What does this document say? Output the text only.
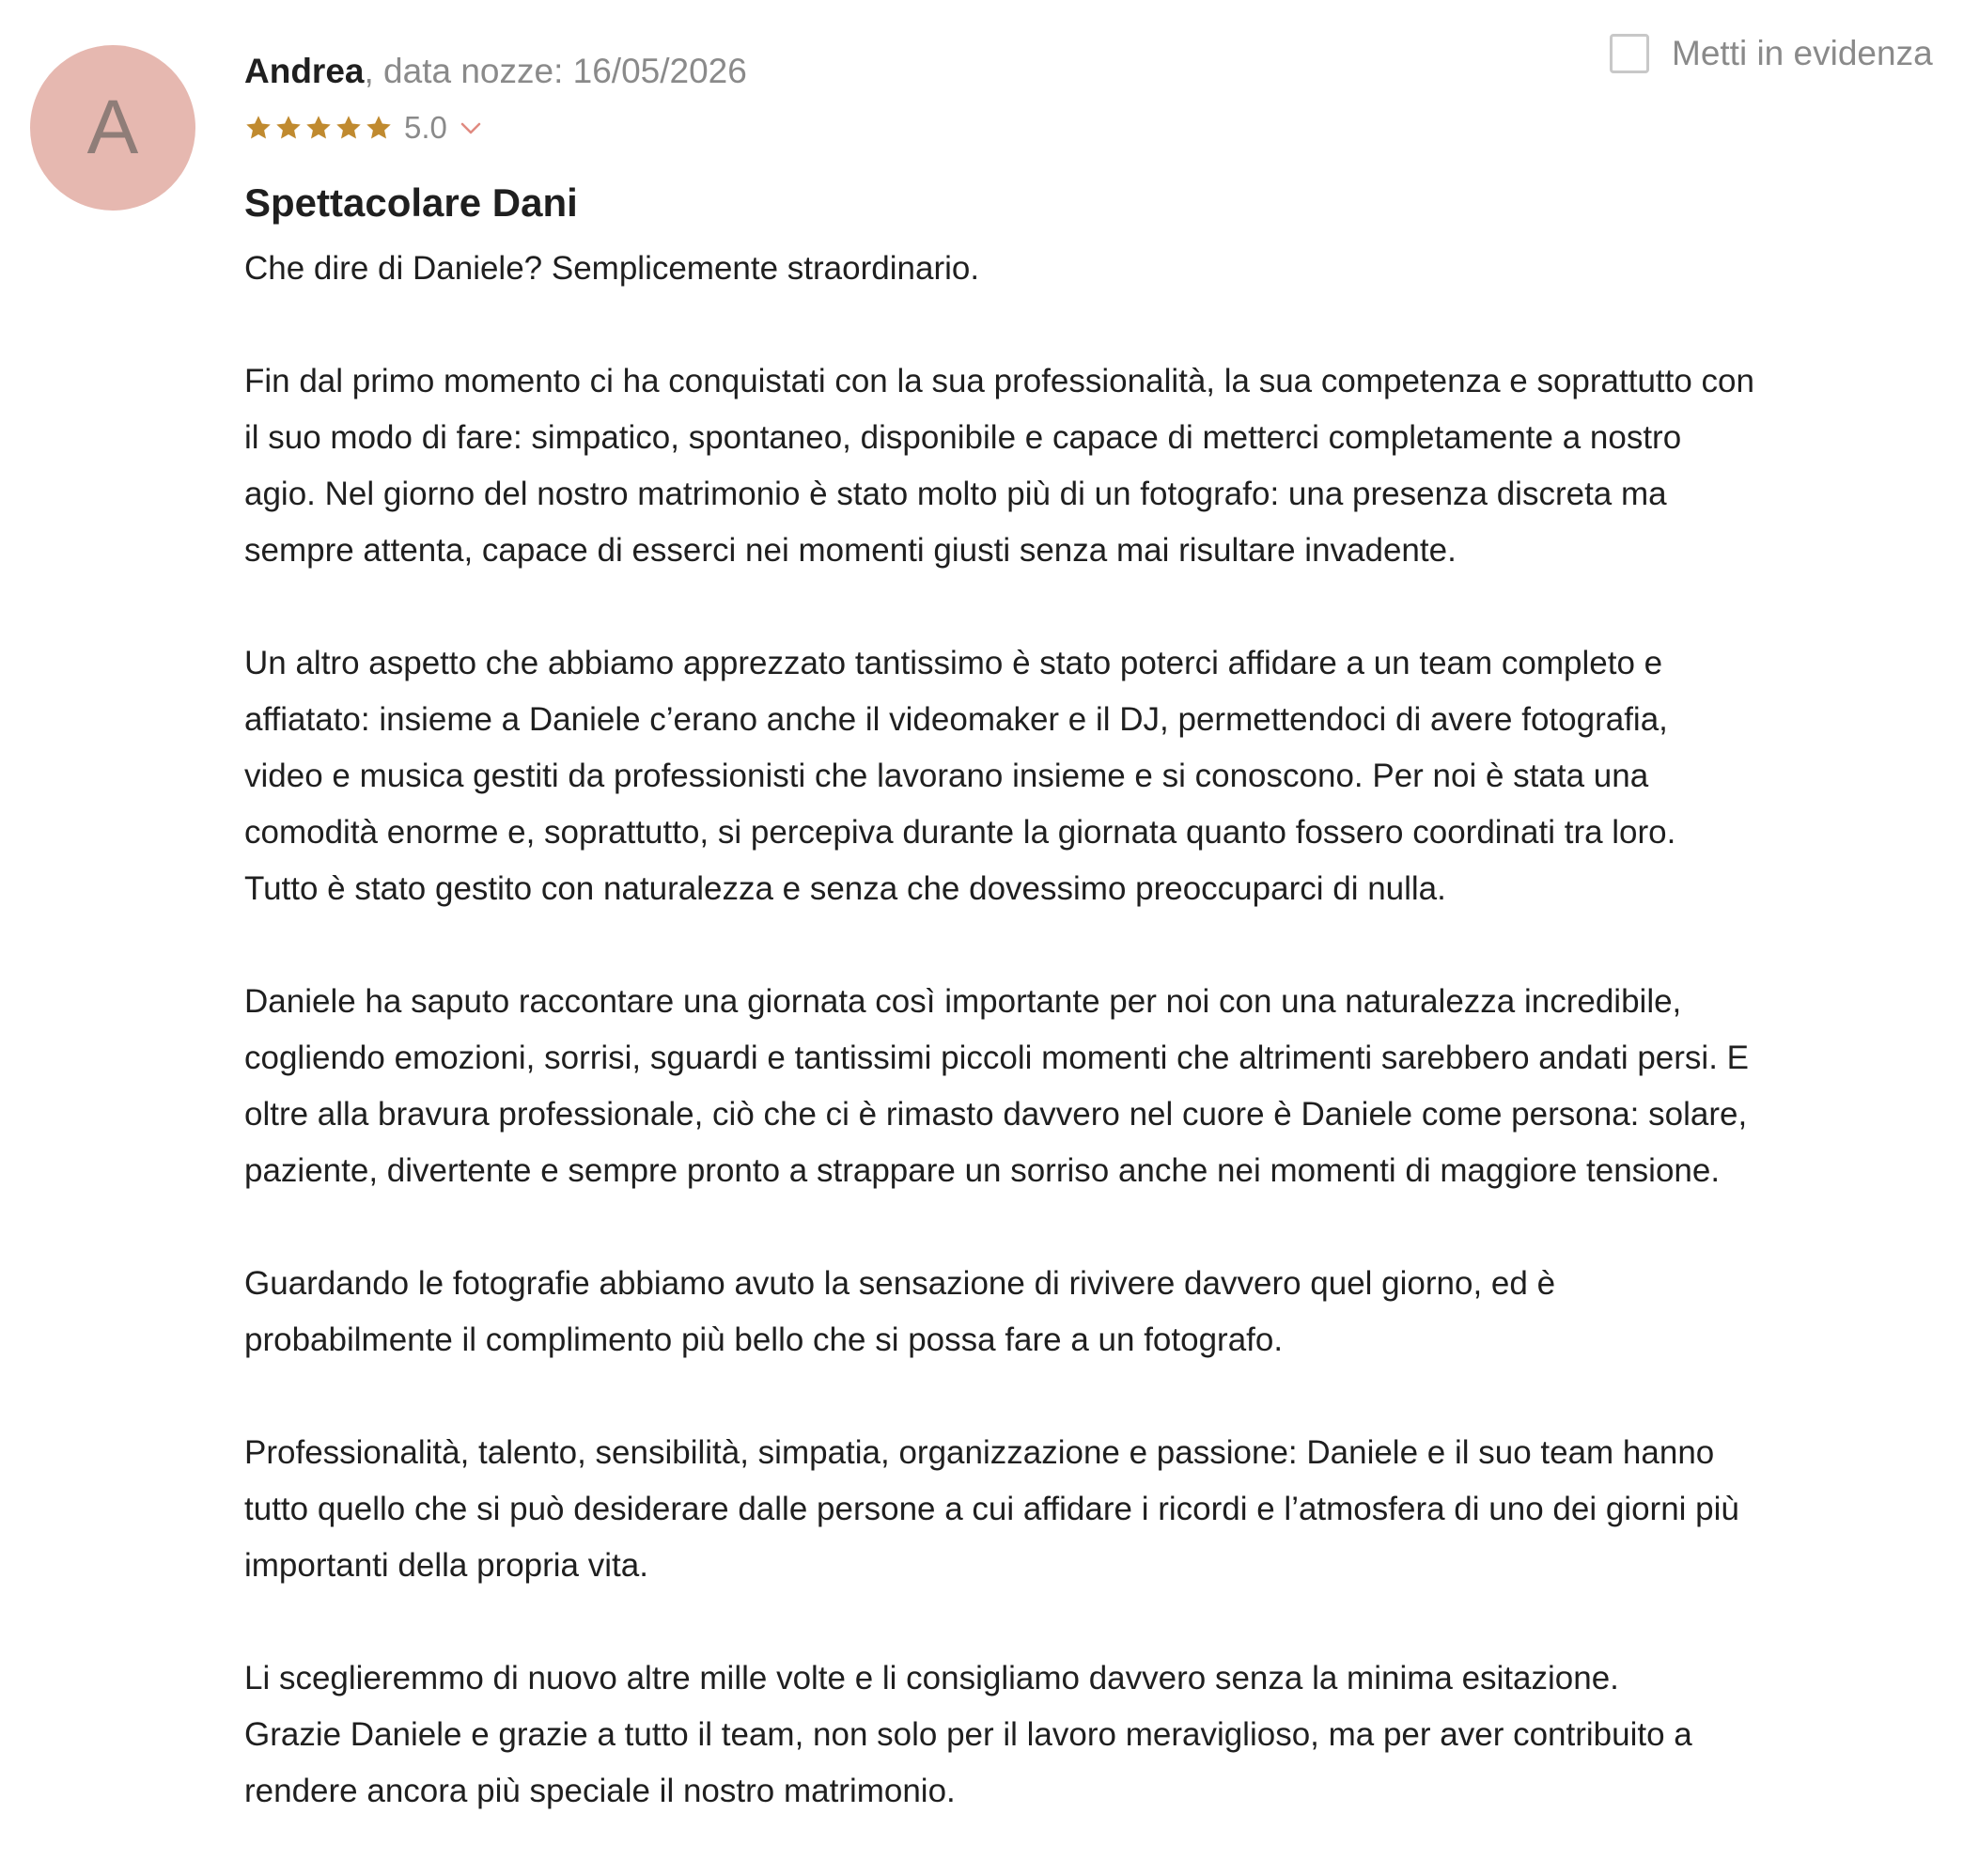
A
Metti in evidenza
Andrea, data nozze: 16/05/2026
5.0
Spettacolare Dani

Che dire di Daniele? Semplicemente straordinario.

Fin dal primo momento ci ha conquistati con la sua professionalità, la sua competenza e soprattutto con
il suo modo di fare: simpatico, spontaneo, disponibile e capace di metterci completamente a nostro
agio. Nel giorno del nostro matrimonio è stato molto più di un fotografo: una presenza discreta ma
sempre attenta, capace di esserci nei momenti giusti senza mai risultare invadente.

Un altro aspetto che abbiamo apprezzato tantissimo è stato poterci affidare a un team completo e
affiatato: insieme a Daniele c’erano anche il videomaker e il DJ, permettendoci di avere fotografia,
video e musica gestiti da professionisti che lavorano insieme e si conoscono. Per noi è stata una
comodità enorme e, soprattutto, si percepiva durante la giornata quanto fossero coordinati tra loro.
Tutto è stato gestito con naturalezza e senza che dovessimo preoccuparci di nulla.

Daniele ha saputo raccontare una giornata così importante per noi con una naturalezza incredibile,
cogliendo emozioni, sorrisi, sguardi e tantissimi piccoli momenti che altrimenti sarebbero andati persi. E
oltre alla bravura professionale, ciò che ci è rimasto davvero nel cuore è Daniele come persona: solare,
paziente, divertente e sempre pronto a strappare un sorriso anche nei momenti di maggiore tensione.

Guardando le fotografie abbiamo avuto la sensazione di rivivere davvero quel giorno, ed è
probabilmente il complimento più bello che si possa fare a un fotografo.

Professionalità, talento, sensibilità, simpatia, organizzazione e passione: Daniele e il suo team hanno
tutto quello che si può desiderare dalle persone a cui affidare i ricordi e l’atmosfera di uno dei giorni più
importanti della propria vita.

Li sceglieremmo di nuovo altre mille volte e li consigliamo davvero senza la minima esitazione.
Grazie Daniele e grazie a tutto il team, non solo per il lavoro meraviglioso, ma per aver contribuito a
rendere ancora più speciale il nostro matrimonio.
